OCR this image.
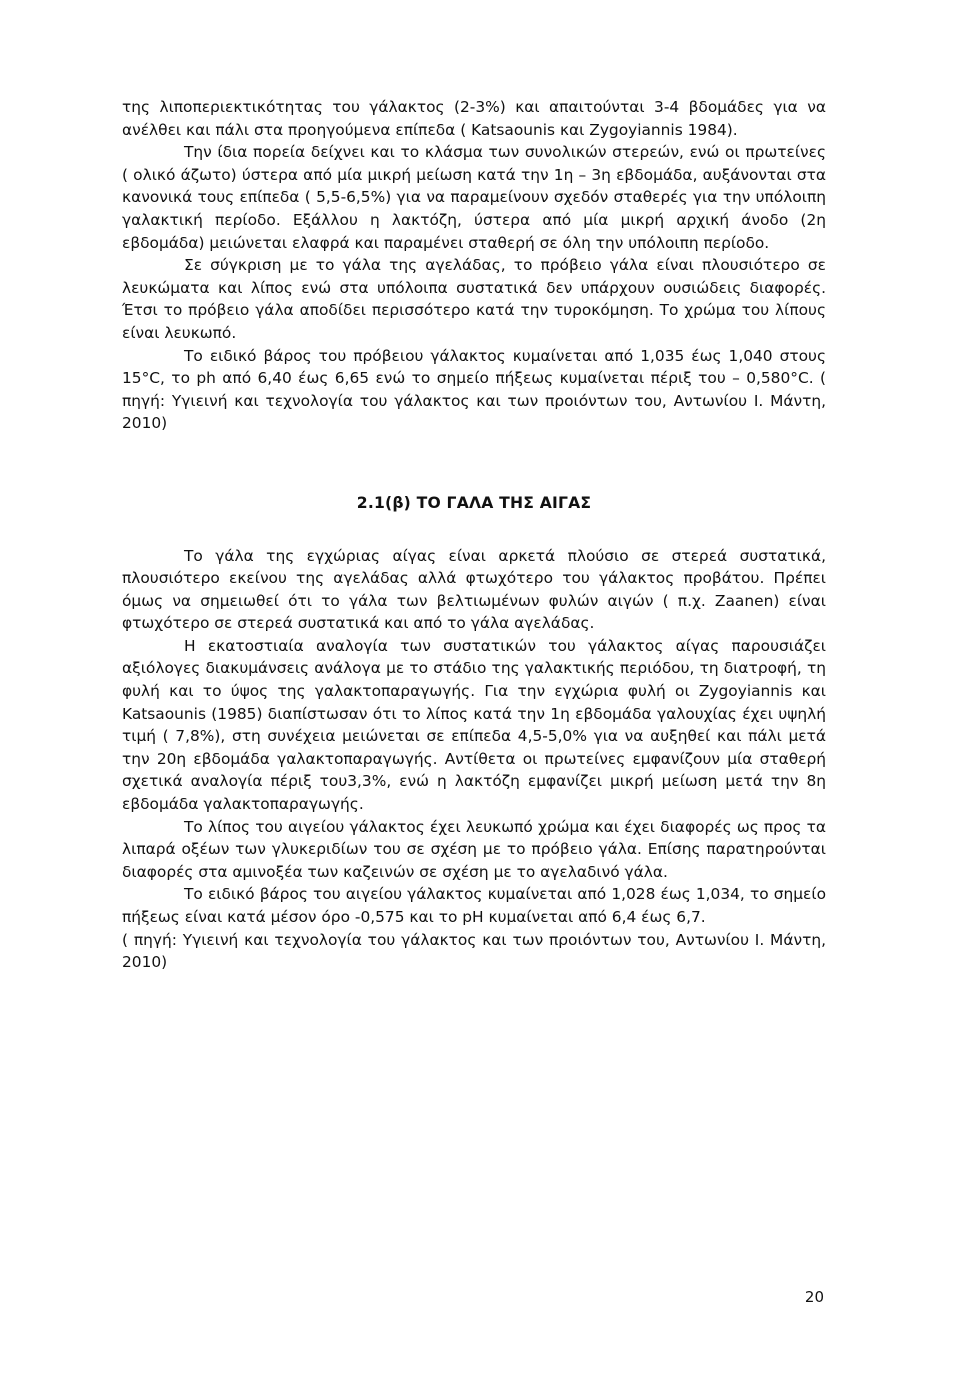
της λιποπεριεκτικότητας του γάλακτος (2-3%) και απαιτούνται 3-4 βδομάδες για να ανέλθει και πάλι στα προηγούμενα επίπεδα ( Katsaounis και Zygoyiannis 1984).

Την ίδια πορεία δείχνει και το κλάσμα των συνολικών στερεών, ενώ οι πρωτείνες ( ολικό άζωτο) ύστερα από μία μικρή μείωση κατά την 1η – 3η εβδομάδα, αυξάνονται στα κανονικά τους επίπεδα ( 5,5-6,5%) για να παραμείνουν σχεδόν σταθερές για την υπόλοιπη γαλακτική περίοδο. Εξάλλου η λακτόζη, ύστερα από μία μικρή αρχική άνοδο (2η εβδομάδα) μειώνεται ελαφρά και παραμένει σταθερή σε όλη την υπόλοιπη περίοδο.

Σε σύγκριση με το γάλα της αγελάδας, το πρόβειο γάλα είναι πλουσιότερο σε λευκώματα και λίπος ενώ στα υπόλοιπα συστατικά δεν υπάρχουν ουσιώδεις διαφορές. Έτσι το πρόβειο γάλα αποδίδει περισσότερο κατά την τυροκόμηση. Το χρώμα του λίπους είναι λευκωπό.

Το ειδικό βάρος του πρόβειου γάλακτος κυμαίνεται από 1,035 έως 1,040 στους 15°C, το ph από 6,40 έως 6,65 ενώ το σημείο πήξεως κυμαίνεται πέριξ του – 0,580°C. ( πηγή: Υγιεινή και τεχνολογία του γάλακτος και των προιόντων του, Αντωνίου Ι. Μάντη, 2010)

2.1(β) ΤΟ ΓΑΛΑ ΤΗΣ ΑΙΓΑΣ

Το γάλα της εγχώριας αίγας είναι αρκετά πλούσιο σε στερεά συστατικά, πλουσιότερο εκείνου της αγελάδας αλλά φτωχότερο του γάλακτος προβάτου. Πρέπει όμως να σημειωθεί ότι το γάλα των βελτιωμένων φυλών αιγών ( π.χ. Zaanen) είναι φτωχότερο σε στερεά συστατικά και από το γάλα αγελάδας.

Η εκατοστιαία αναλογία των συστατικών του γάλακτος αίγας παρουσιάζει αξιόλογες διακυμάνσεις ανάλογα με το στάδιο της γαλακτικής περιόδου, τη διατροφή, τη φυλή και το ύψος της γαλακτοπαραγωγής. Για την εγχώρια φυλή οι Zygoyiannis και Katsaounis (1985) διαπίστωσαν ότι το λίπος κατά την 1η εβδομάδα γαλουχίας έχει υψηλή τιμή ( 7,8%), στη συνέχεια μειώνεται σε επίπεδα 4,5-5,0% για να αυξηθεί και πάλι μετά την 20η εβδομάδα γαλακτοπαραγωγής. Αντίθετα οι πρωτείνες εμφανίζουν μία σταθερή σχετικά αναλογία πέριξ του3,3%, ενώ η λακτόζη εμφανίζει μικρή μείωση μετά την 8η εβδομάδα γαλακτοπαραγωγής.

Το λίπος του αιγείου γάλακτος έχει λευκωπό χρώμα και έχει διαφορές ως προς τα λιπαρά οξέων των γλυκεριδίων του σε σχέση με το πρόβειο γάλα. Επίσης παρατηρούνται διαφορές στα αμινοξέα των καζεινών σε σχέση με το αγελαδινό γάλα.

Το ειδικό βάρος του αιγείου γάλακτος κυμαίνεται από 1,028 έως 1,034, το σημείο πήξεως είναι κατά μέσον όρο -0,575 και το pH κυμαίνεται από 6,4 έως 6,7.

( πηγή: Υγιεινή και τεχνολογία του γάλακτος και των προιόντων του, Αντωνίου Ι. Μάντη, 2010)

20
